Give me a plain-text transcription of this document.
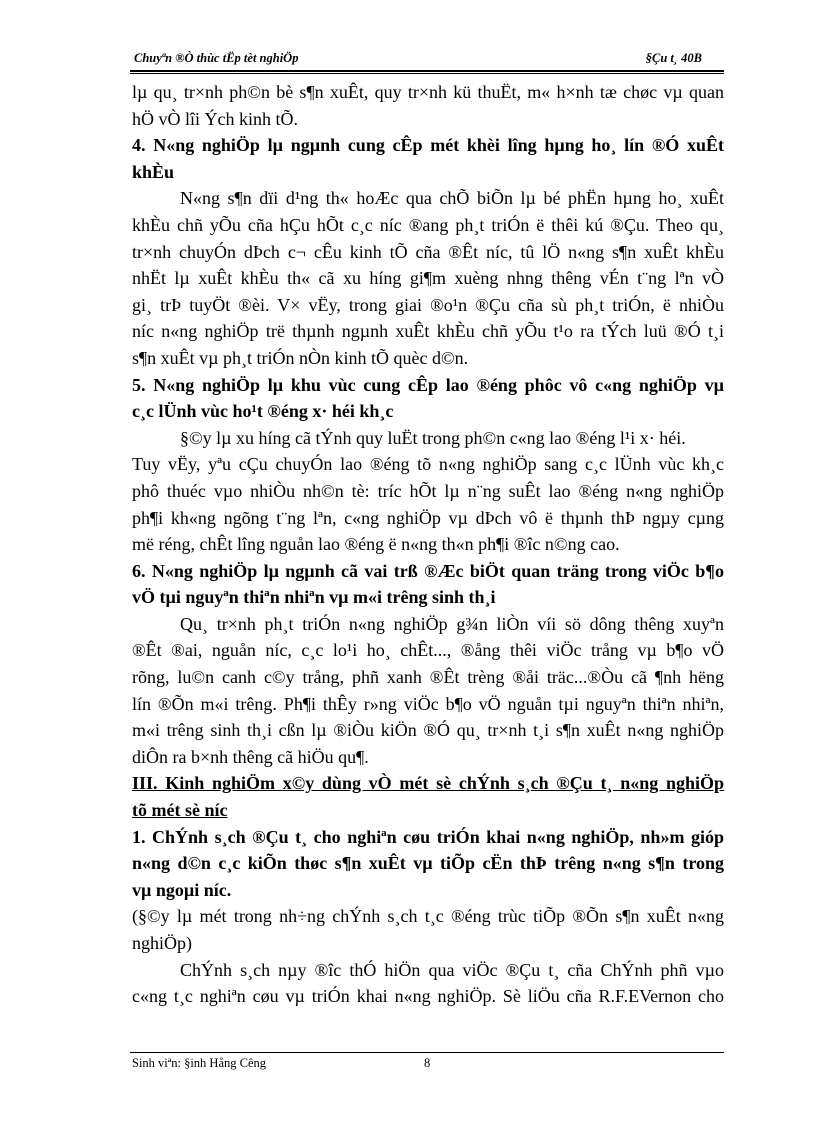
Chuyªn ®Ò thùc tËp tèt nghiÖp	§Çu t¸ 40B
lµ qu¸ tr×nh ph©n bè s¶n xuÊt, quy tr×nh kü thuËt, m« h×nh tæ chøc vµ quan
hÖ vÒ lîi Ých kinh tÕ.
4. N«ng nghiÖp lµ ngµnh cung cÊp mét khèi lîng hµng ho¸ lín ®Ó xuÊt
khÈu
N«ng s¶n dïi d¹ng th« hoÆc qua chÕ biÕn lµ bé phËn hµng ho¸ xuÊt
khÈu chñ yÕu cña hÇu hÕt c¸c níc ®ang ph¸t triÓn ë thêi kú ®Çu. Theo qu¸
tr×nh chuyÓn dÞch c¬ cÊu kinh tÕ cña ®Êt níc, tû lÖ n«ng s¶n xuÊt khÈu
nhËt lµ xuÊt khÈu th« cã xu híng gi¶m xuèng nhng thêng vÉn t¨ng lªn vÒ
gi¸ trÞ tuyÖt ®èi. V× vËy, trong giai ®o¹n ®Çu cña sù ph¸t triÓn, ë nhiÒu
níc n«ng nghiÖp trë thµnh ngµnh xuÊt khÈu chñ yÕu t¹o ra tÝch luü ®Ó t¸i
s¶n xuÊt vµ ph¸t triÓn nÒn kinh tÕ quèc d©n.
5. N«ng nghiÖp lµ khu vùc cung cÊp lao ®éng phôc vô c«ng nghiÖp vµ
c¸c lÜnh vùc ho¹t ®éng x· héi kh¸c
§©y lµ xu híng cã tÝnh quy luËt trong ph©n c«ng lao ®éng l¹i x· héi.
Tuy vËy, yªu cÇu chuyÓn lao ®éng tõ n«ng nghiÖp sang c¸c lÜnh vùc kh¸c
phô thuéc vµo nhiÒu nh©n tè: tríc hÕt lµ n¨ng suÊt lao ®éng n«ng nghiÖp
ph¶i kh«ng ngõng t¨ng lªn, c«ng nghiÖp vµ dÞch vô ë thµnh thÞ ngµy cµng
më réng, chÊt lîng nguån lao ®éng ë n«ng th«n ph¶i ®îc n©ng cao.
6. N«ng nghiÖp lµ ngµnh cã vai trß ®Æc biÖt quan träng trong viÖc b¶o
vÖ tµi nguyªn thiªn nhiªn vµ m«i trêng sinh th¸i
Qu¸ tr×nh ph¸t triÓn n«ng nghiÖp g¾n liÒn víi sö dông thêng xuyªn
®Êt ®ai, nguån níc, c¸c lo¹i ho¸ chÊt..., ®ång thêi viÖc trång vµ b¶o vÖ
rõng, lu©n canh c©y trång, phñ xanh ®Êt trèng ®åi träc...®Òu cã ¶nh hëng
lín ®Õn m«i trêng. Ph¶i thÊy r»ng viÖc b¶o vÖ nguån tµi nguyªn thiªn nhiªn,
m«i trêng sinh th¸i cßn lµ ®iÒu kiÖn ®Ó qu¸ tr×nh t¸i s¶n xuÊt n«ng nghiÖp
diÔn ra b×nh thêng cã hiÖu qu¶.
III. Kinh nghiÖm x©y dùng vÒ mét sè chÝnh s¸ch ®Çu t¸ n«ng nghiÖp
tõ mét sè níc
1. ChÝnh s¸ch ®Çu t¸ cho nghiªn cøu triÓn khai n«ng nghiÖp, nh»m gióp
n«ng d©n c¸c kiÕn thøc s¶n xuÊt vµ tiÕp cËn thÞ trêng n«ng s¶n trong
vµ ngoµi níc.
(§©y lµ mét trong nh÷ng chÝnh s¸ch t¸c ®éng trùc tiÕp ®Õn s¶n xuÊt n«ng
nghiÖp)
ChÝnh s¸ch nµy ®îc thÓ hiÖn qua viÖc ®Çu t¸ cña ChÝnh phñ vµo
c«ng t¸c nghiªn cøu vµ triÓn khai n«ng nghiÖp. Sè liÖu cña R.F.EVernon cho
Sinh viªn: §inh Hång Cêng	8
